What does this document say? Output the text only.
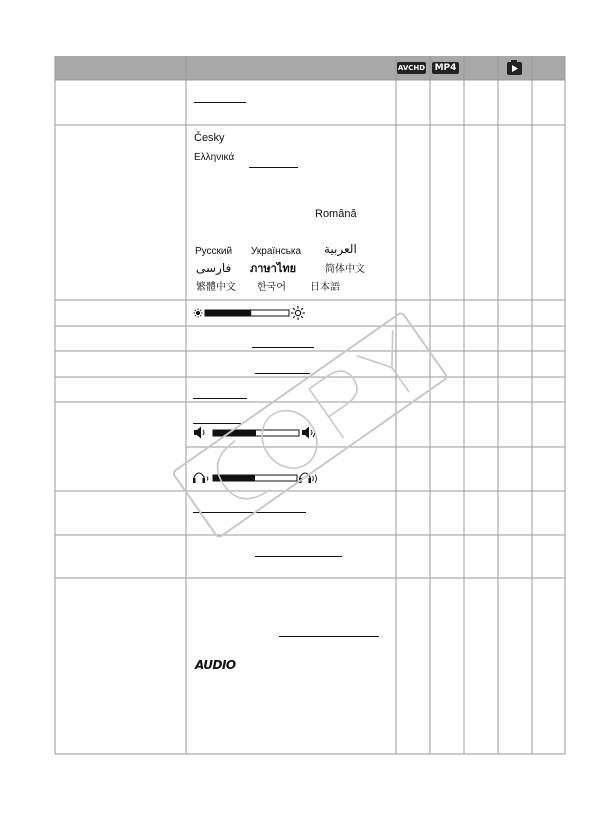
AVCHD MP4
Česky
Ελληνικά
Română
Русский Українська العربية
فارسی ภาษาไทย	简体中文
繁體中文 한국어 日本語
AUDIO
